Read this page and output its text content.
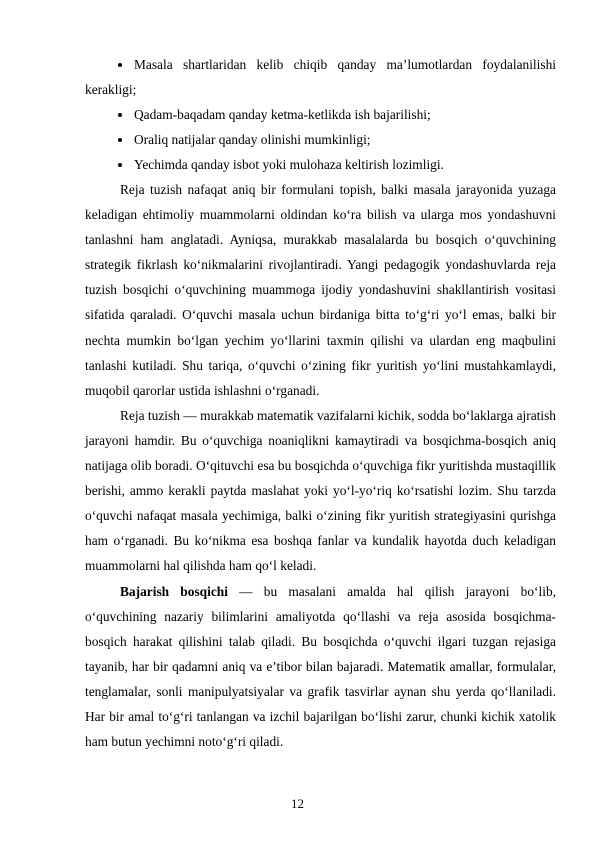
Masala shartlaridan kelib chiqib qanday ma’lumotlardan foydalanilishi kerakligi;
Qadam-baqadam qanday ketma-ketlikda ish bajarilishi;
Oraliq natijalar qanday olinishi mumkinligi;
Yechimda qanday isbot yoki mulohaza keltirish lozimligi.

Reja tuzish nafaqat aniq bir formulani topish, balki masala jarayonida yuzaga keladigan ehtimoliy muammolarni oldindan ko‘ra bilish va ularga mos yondashuvni tanlashni ham anglatadi. Ayniqsa, murakkab masalalarda bu bosqich o‘quvchining strategik fikrlash ko‘nikmalarini rivojlantiradi. Yangi pedagogik yondashuvlarda reja tuzish bosqichi o‘quvchining muammoga ijodiy yondashuvini shakllantirish vositasi sifatida qaraladi. O‘quvchi masala uchun birdaniga bitta to‘g‘ri yo‘l emas, balki bir nechta mumkin bo‘lgan yechim yo‘llarini taxmin qilishi va ulardan eng maqbulini tanlashi kutiladi. Shu tariqa, o‘quvchi o‘zining fikr yuritish yo‘lini mustahkamlaydi, muqobil qarorlar ustida ishlashni o‘rganadi.

Reja tuzish — murakkab matematik vazifalarni kichik, sodda bo‘laklarga ajratish jarayoni hamdir. Bu o‘quvchiga noaniqlikni kamaytiradi va bosqichma-bosqich aniq natijaga olib boradi. O‘qituvchi esa bu bosqichda o‘quvchiga fikr yuritishda mustaqillik berishi, ammo kerakli paytda maslahat yoki yo‘l-yo‘riq ko‘rsatishi lozim. Shu tarzda o‘quvchi nafaqat masala yechimiga, balki o‘zining fikr yuritish strategiyasini qurishga ham o‘rganadi. Bu ko‘nikma esa boshqa fanlar va kundalik hayotda duch keladigan muammolarni hal qilishda ham qo‘l keladi.

Bajarish bosqichi — bu masalani amalda hal qilish jarayoni bo‘lib, o‘quvchining nazariy bilimlarini amaliyotda qo‘llashi va reja asosida bosqichma-bosqich harakat qilishini talab qiladi. Bu bosqichda o‘quvchi ilgari tuzgan rejasiga tayanib, har bir qadamni aniq va e’tibor bilan bajaradi. Matematik amallar, formulalar, tenglamalar, sonli manipulyatsiyalar va grafik tasvirlar aynan shu yerda qo‘llaniladi. Har bir amal to‘g‘ri tanlangan va izchil bajarilgan bo‘lishi zarur, chunki kichik xatolik ham butun yechimni noto‘g‘ri qiladi.

12
